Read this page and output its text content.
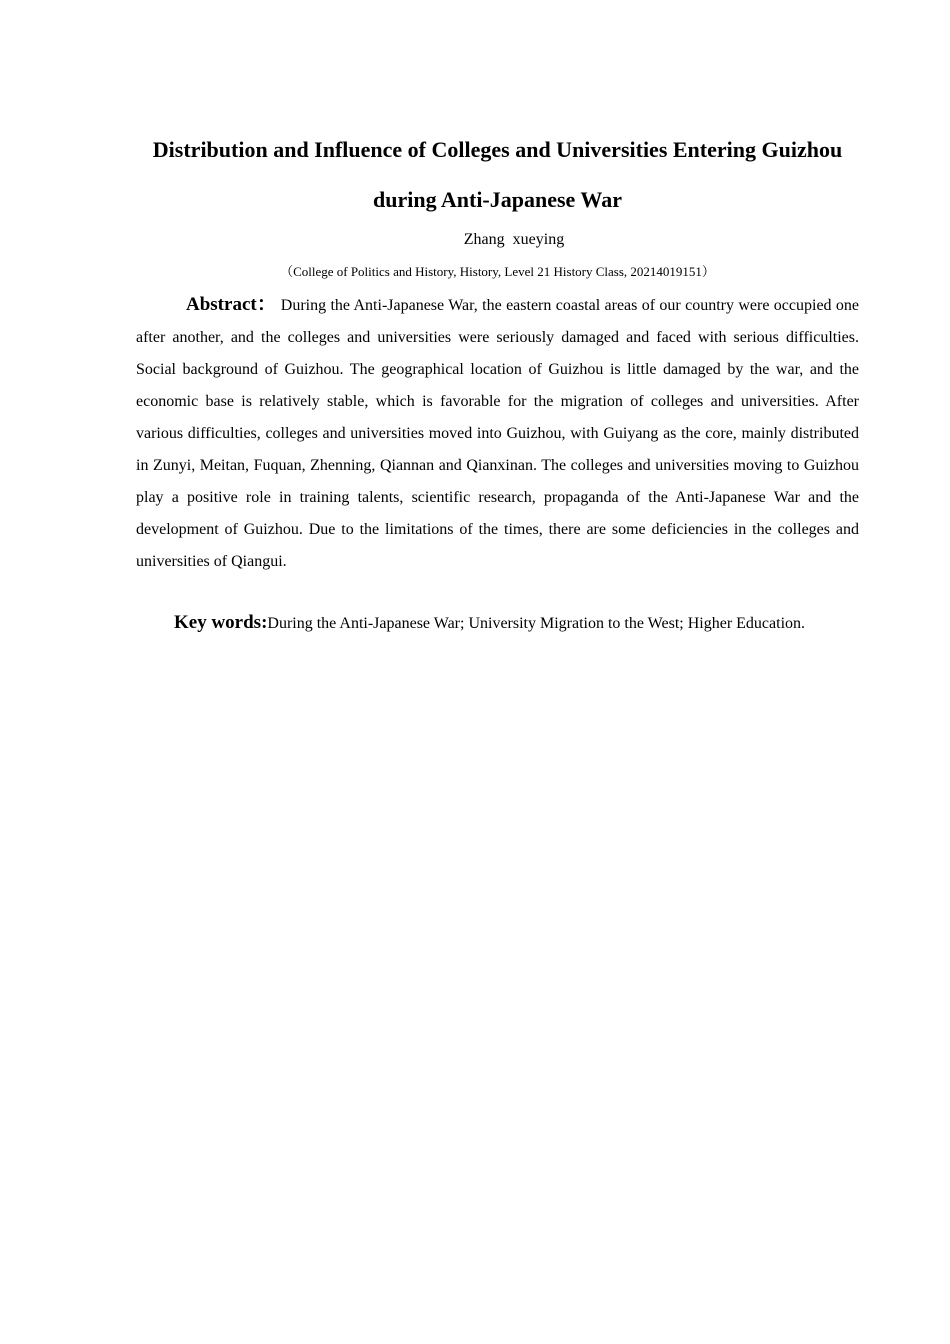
Distribution and Influence of Colleges and Universities Entering Guizhou
during Anti-Japanese War
Zhang xueying
（College of Politics and History, History, Level 21 History Class, 20214019151）
Abstract： During the Anti-Japanese War, the eastern coastal areas of our country were occupied one after another, and the colleges and universities were seriously damaged and faced with serious difficulties. Social background of Guizhou. The geographical location of Guizhou is little damaged by the war, and the economic base is relatively stable, which is favorable for the migration of colleges and universities. After various difficulties, colleges and universities moved into Guizhou, with Guiyang as the core, mainly distributed in Zunyi, Meitan, Fuquan, Zhenning, Qiannan and Qianxinan. The colleges and universities moving to Guizhou play a positive role in training talents, scientific research, propaganda of the Anti-Japanese War and the development of Guizhou. Due to the limitations of the times, there are some deficiencies in the colleges and universities of Qiangui.
Key words:During the Anti-Japanese War; University Migration to the West; Higher Education.
